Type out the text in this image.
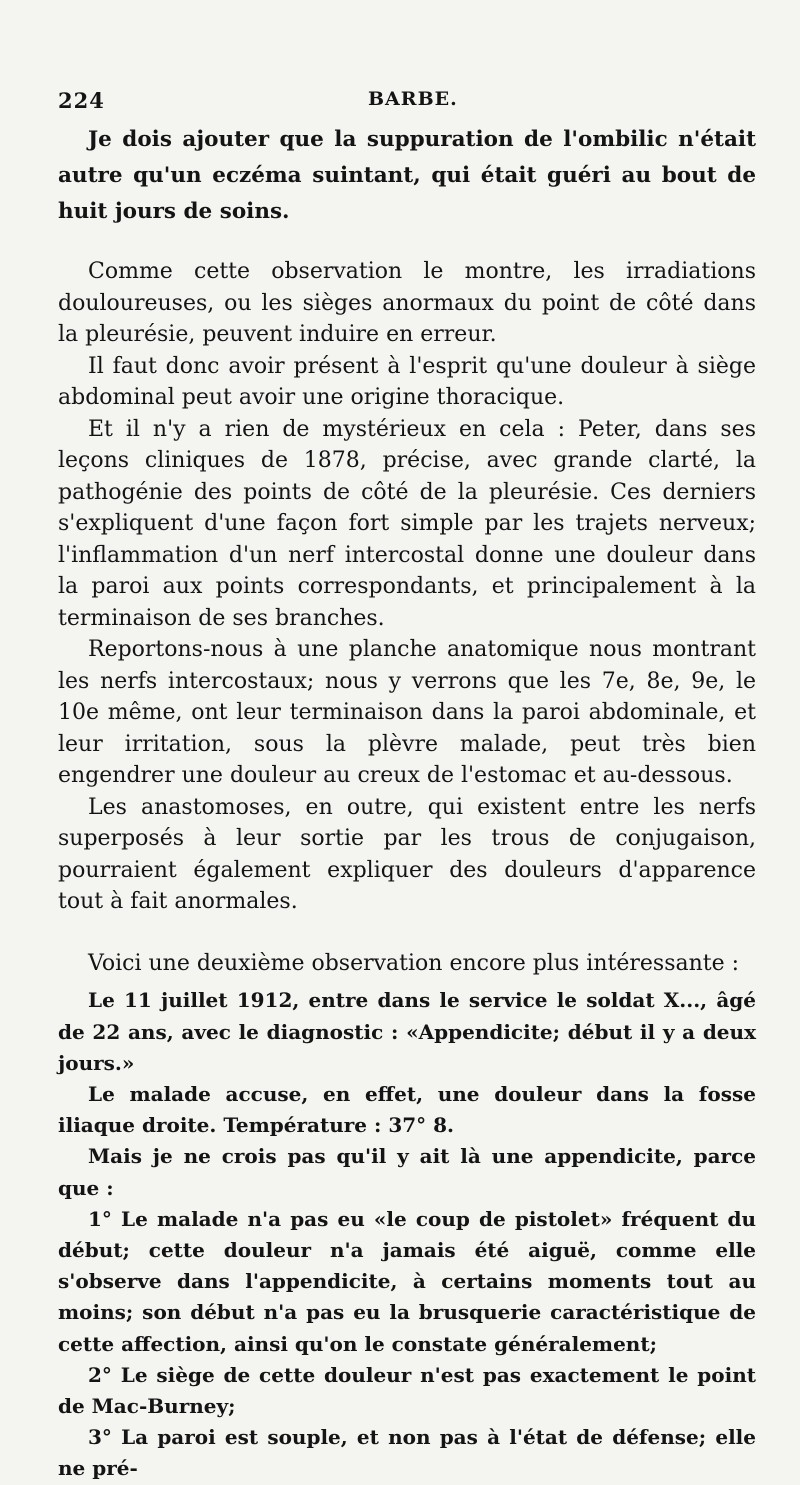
224	BARBE.

Je dois ajouter que la suppuration de l'ombilic n'était autre qu'un eczéma suintant, qui était guéri au bout de huit jours de soins.

Comme cette observation le montre, les irradiations douloureuses, ou les sièges anormaux du point de côté dans la pleurésie, peuvent induire en erreur.

Il faut donc avoir présent à l'esprit qu'une douleur à siège abdominal peut avoir une origine thoracique.

Et il n'y a rien de mystérieux en cela : Peter, dans ses leçons cliniques de 1878, précise, avec grande clarté, la pathogénie des points de côté de la pleurésie. Ces derniers s'expliquent d'une façon fort simple par les trajets nerveux; l'inflammation d'un nerf intercostal donne une douleur dans la paroi aux points correspondants, et principalement à la terminaison de ses branches.

Reportons-nous à une planche anatomique nous montrant les nerfs intercostaux; nous y verrons que les 7e, 8e, 9e, le 10e même, ont leur terminaison dans la paroi abdominale, et leur irritation, sous la plèvre malade, peut très bien engendrer une douleur au creux de l'estomac et au-dessous.

Les anastomoses, en outre, qui existent entre les nerfs superposés à leur sortie par les trous de conjugaison, pourraient également expliquer des douleurs d'apparence tout à fait anormales.

Voici une deuxième observation encore plus intéressante :

Le 11 juillet 1912, entre dans le service le soldat X..., âgé de 22 ans, avec le diagnostic : «Appendicite; début il y a deux jours.»

Le malade accuse, en effet, une douleur dans la fosse iliaque droite. Température : 37° 8.

Mais je ne crois pas qu'il y ait là une appendicite, parce que :

1° Le malade n'a pas eu «le coup de pistolet» fréquent du début; cette douleur n'a jamais été aiguë, comme elle s'observe dans l'appendicite, à certains moments tout au moins; son début n'a pas eu la brusquerie caractéristique de cette affection, ainsi qu'on le constate généralement;

2° Le siège de cette douleur n'est pas exactement le point de Mac-Burney;

3° La paroi est souple, et non pas à l'état de défense; elle ne pré-
